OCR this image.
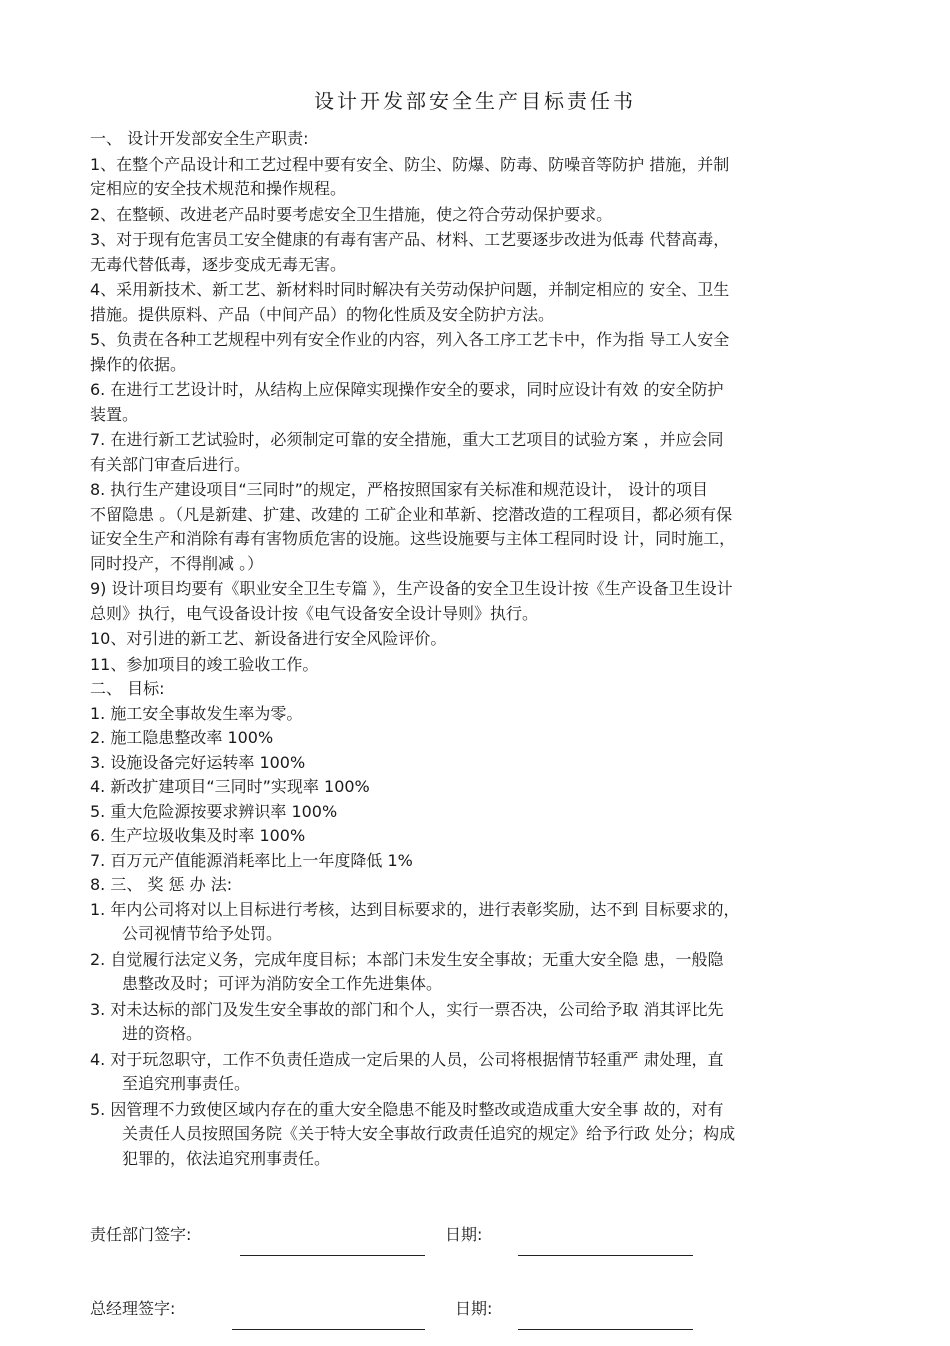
设计开发部安全生产目标责任书
一、 设计开发部安全生产职责:
1、在整个产品设计和工艺过程中要有安全、防尘、防爆、防毒、防噪音等防护 措施，并制
定相应的安全技术规范和操作规程。
2、在整顿、改进老产品时要考虑安全卫生措施，使之符合劳动保护要求。
3、对于现有危害员工安全健康的有毒有害产品、材料、工艺要逐步改进为低毒 代替高毒，
无毒代替低毒，逐步变成无毒无害。
4、采用新技术、新工艺、新材料时同时解决有关劳动保护问题，并制定相应的 安全、卫生
措施。提供原料、产品（中间产品）的物化性质及安全防护方法。
5、负责在各种工艺规程中列有安全作业的内容，列入各工序工艺卡中，作为指 导工人安全
操作的依据。
6. 在进行工艺设计时，从结构上应保障实现操作安全的要求，同时应设计有效 的安全防护
装置。
7. 在进行新工艺试验时，必须制定可靠的安全措施，重大工艺项目的试验方案 ，并应会同
有关部门审查后进行。
8. 执行生产建设项目“三同时”的规定，严格按照国家有关标准和规范设计， 设计的项目
不留隐患 。（凡是新建、扩建、改建的 工矿企业和革新、挖潜改造的工程项目，都必须有保
证安全生产和消除有毒有害物质危害的设施。这些设施要与主体工程同时设 计，同时施工，
同时投产，不得削减 。）
9) 设计项目均要有《职业安全卫生专篇 》，生产设备的安全卫生设计按《生产设备卫生设计
总则》执行，电气设备设计按《电气设备安全设计导则》执行。
10、对引进的新工艺、新设备进行安全风险评价。
11、参加项目的竣工验收工作。
二、 目标:
1. 施工安全事故发生率为零。
2. 施工隐患整改率 100%
3. 设施设备完好运转率 100%
4. 新改扩建项目“三同时”实现率 100%
5. 重大危险源按要求辨识率 100%
6. 生产垃圾收集及时率 100%
7. 百万元产值能源消耗率比上一年度降低 1%
8. 三、 奖 惩 办 法:
1. 年内公司将对以上目标进行考核，达到目标要求的，进行表彰奖励，达不到 目标要求的，
公司视情节给予处罚。
2. 自觉履行法定义务，完成年度目标；本部门未发生安全事故；无重大安全隐 患，一般隐
患整改及时；可评为消防安全工作先进集体。
3. 对未达标的部门及发生安全事故的部门和个人，实行一票否决，公司给予取 消其评比先
进的资格。
4. 对于玩忽职守，工作不负责任造成一定后果的人员，公司将根据情节轻重严 肃处理，直
至追究刑事责任。
5. 因管理不力致使区域内存在的重大安全隐患不能及时整改或造成重大安全事 故的，对有
关责任人员按照国务院《关于特大安全事故行政责任追究的规定》给予行政 处分；构成
犯罪的，依法追究刑事责任。
责任部门签字:	日期:
总经理签字:	日期:
